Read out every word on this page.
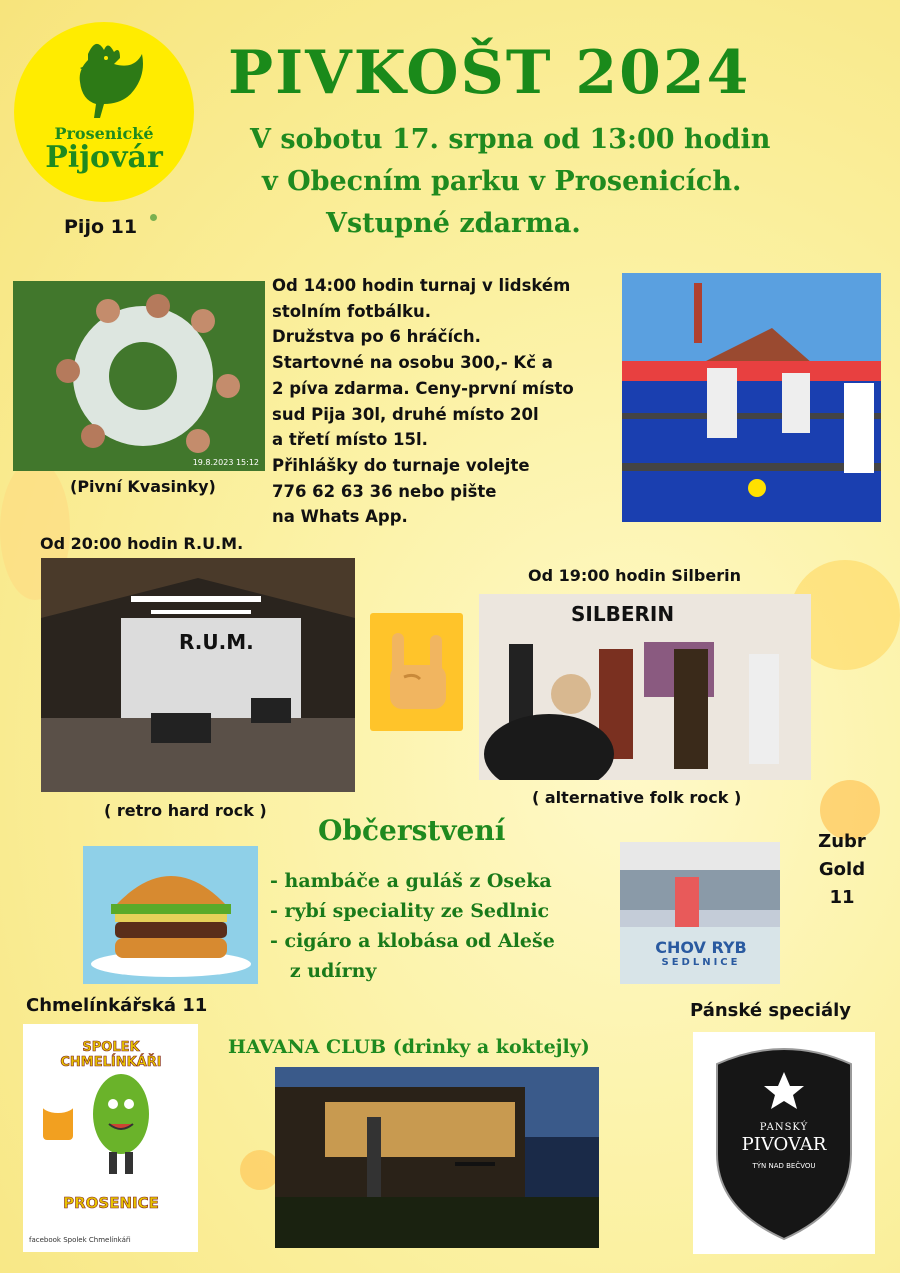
Prosenické
Pijovár
Pijo 11
PIVKOŠT 2024
V sobotu 17. srpna od 13:00 hodin
v Obecním parku v Prosenicích.
Vstupné zdarma.
19.8.2023 15:12
(Pivní Kvasinky)
Od 14:00 hodin turnaj v lidském
stolním fotbálku.
Družstva po 6 hráčích.
Startovné na osobu 300,- Kč a
2 píva zdarma. Ceny-první místo
sud Pija 30l, druhé místo 20l
a třetí místo 15l.
Přihlášky do turnaje volejte
776 62 63 36 nebo pište
na Whats App.
Od 20:00 hodin R.U.M.
R.U.M.
( retro hard rock )
Od 19:00 hodin Silberin
SILBERIN
( alternative folk rock )
Občerstvení
- hambáče a guláš z Oseka
- rybí speciality ze Sedlnic
- cigáro a klobása od Aleše
z udírny
CHOV RYB
SEDLNICE
Zubr
Gold
11
Chmelínkářská 11
SPOLEK CHMELÍNKÁŘI
PROSENICE
facebook Spolek Chmelínkáři
HAVANA CLUB (drinky a koktejly)
Pánské speciály
PANSKÝ
PIVOVAR
TÝN NAD BEČVOU
